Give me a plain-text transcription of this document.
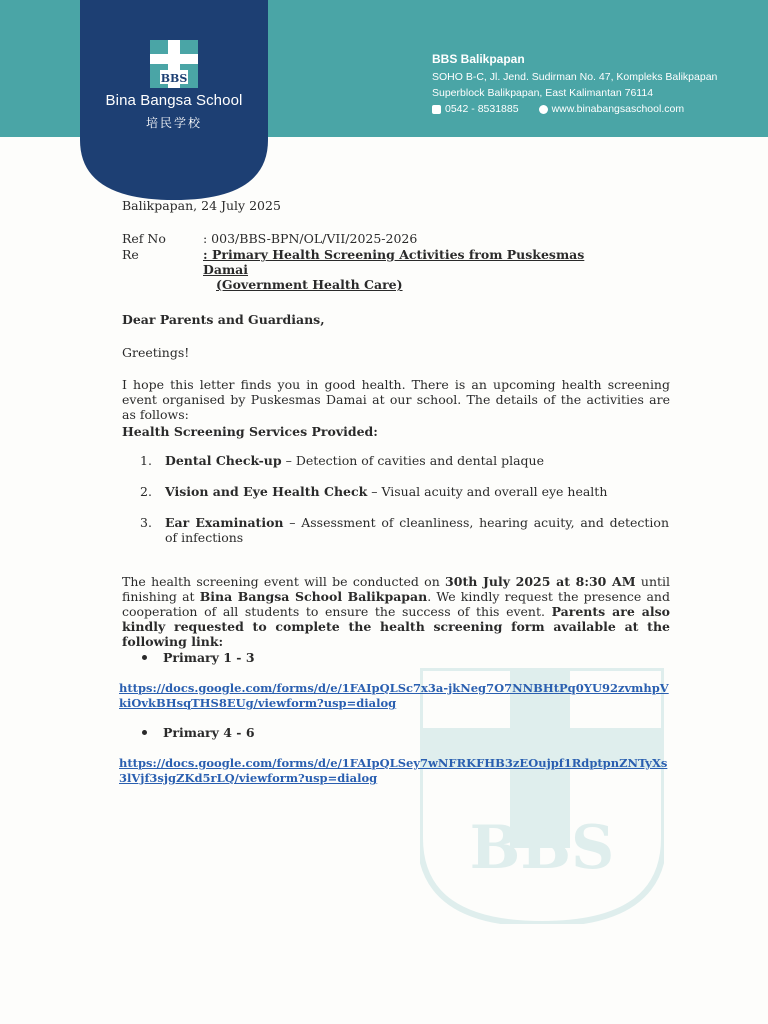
BBS
Bina Bangsa School
培民学校
BBS Balikpapan
SOHO B-C, Jl. Jend. Sudirman No. 47, Kompleks Balikpapan
Superblock Balikpapan, East Kalimantan 76114
0542 - 8531885	www.binabangsaschool.com
BBS
Balikpapan, 24 July 2025
Ref No	: 003/BBS-BPN/OL/VII/2025-2026
Re	: Primary Health Screening Activities from Puskesmas Damai
(Government Health Care)
Dear Parents and Guardians,
Greetings!
I hope this letter finds you in good health. There is an upcoming health screening event organised by Puskesmas Damai at our school. The details of the activities are as follows:
Health Screening Services Provided:
1. Dental Check-up – Detection of cavities and dental plaque
2. Vision and Eye Health Check – Visual acuity and overall eye health
3. Ear Examination – Assessment of cleanliness, hearing acuity, and detection of infections
The health screening event will be conducted on 30th July 2025 at 8:30 AM until finishing at Bina Bangsa School Balikpapan. We kindly request the presence and cooperation of all students to ensure the success of this event. Parents are also kindly requested to complete the health screening form available at the following link:
Primary 1 - 3
https://docs.google.com/forms/d/e/1FAIpQLSc7x3a-jkNeg7O7NNBHtPq0YU92zvmhpVkiOvkBHsqTHS8EUg/viewform?usp=dialog
Primary 4 - 6
https://docs.google.com/forms/d/e/1FAIpQLSey7wNFRKFHB3zEOujpf1RdptpnZNTyXs3lVjf3sjgZKd5rLQ/viewform?usp=dialog
